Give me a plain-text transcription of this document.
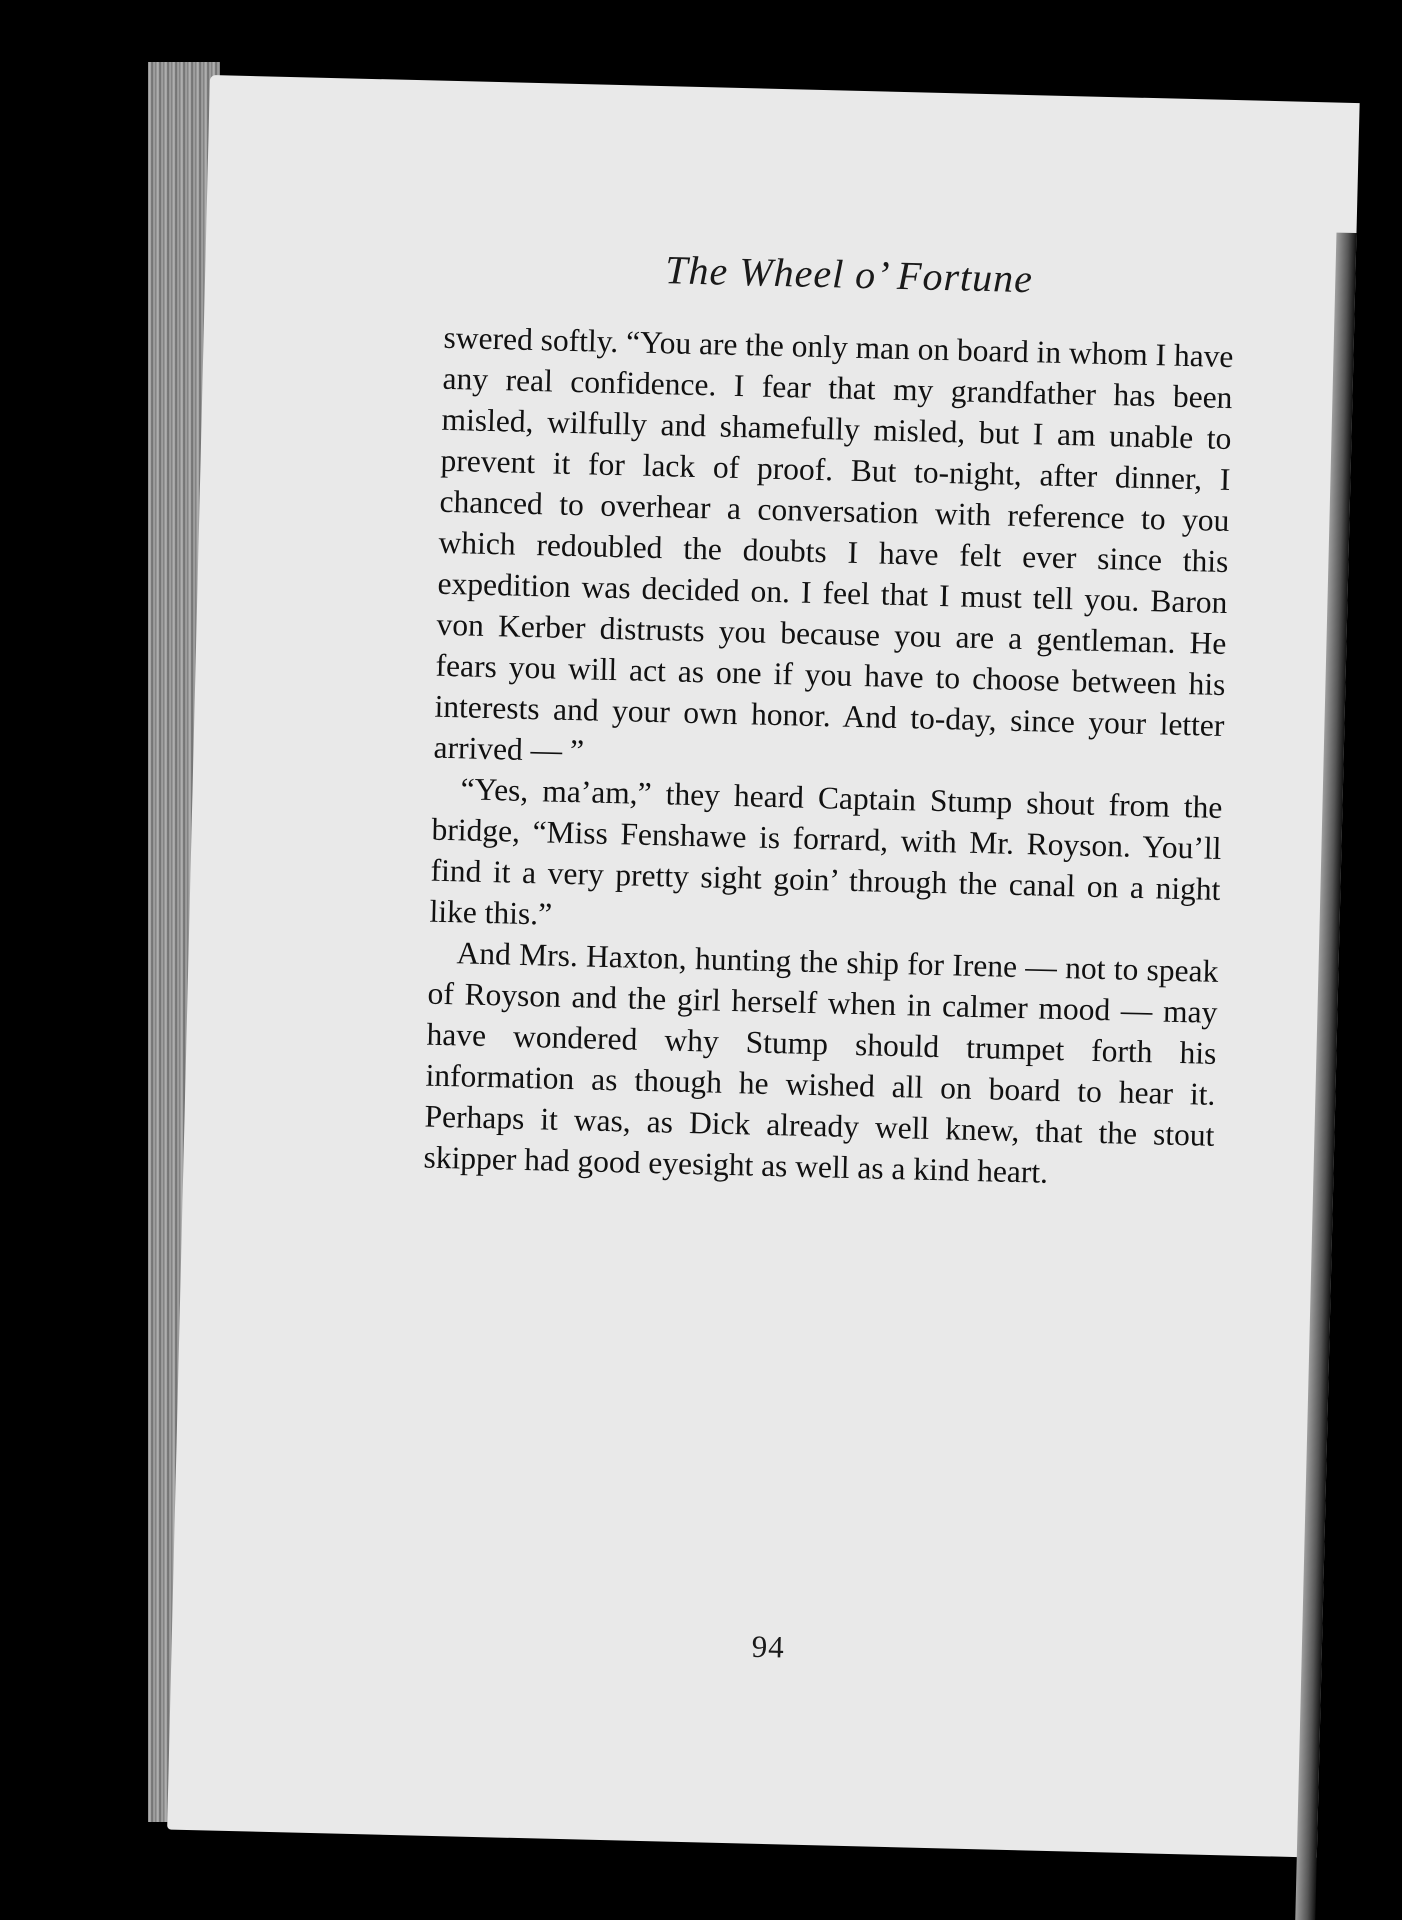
The Wheel o’ Fortune

swered softly. “You are the only man on board in whom I have any real confidence. I fear that my grandfather has been misled, wilfully and shamefully misled, but I am unable to prevent it for lack of proof. But to-night, after dinner, I chanced to overhear a conversation with reference to you which redoubled the doubts I have felt ever since this expedition was decided on. I feel that I must tell you. Baron von Kerber distrusts you because you are a gentleman. He fears you will act as one if you have to choose between his interests and your own honor. And to-day, since your letter arrived — ”

“Yes, ma’am,” they heard Captain Stump shout from the bridge, “Miss Fenshawe is forrard, with Mr. Royson. You’ll find it a very pretty sight goin’ through the canal on a night like this.”

And Mrs. Haxton, hunting the ship for Irene — not to speak of Royson and the girl herself when in calmer mood — may have wondered why Stump should trumpet forth his information as though he wished all on board to hear it. Perhaps it was, as Dick already well knew, that the stout skipper had good eyesight as well as a kind heart.

94
